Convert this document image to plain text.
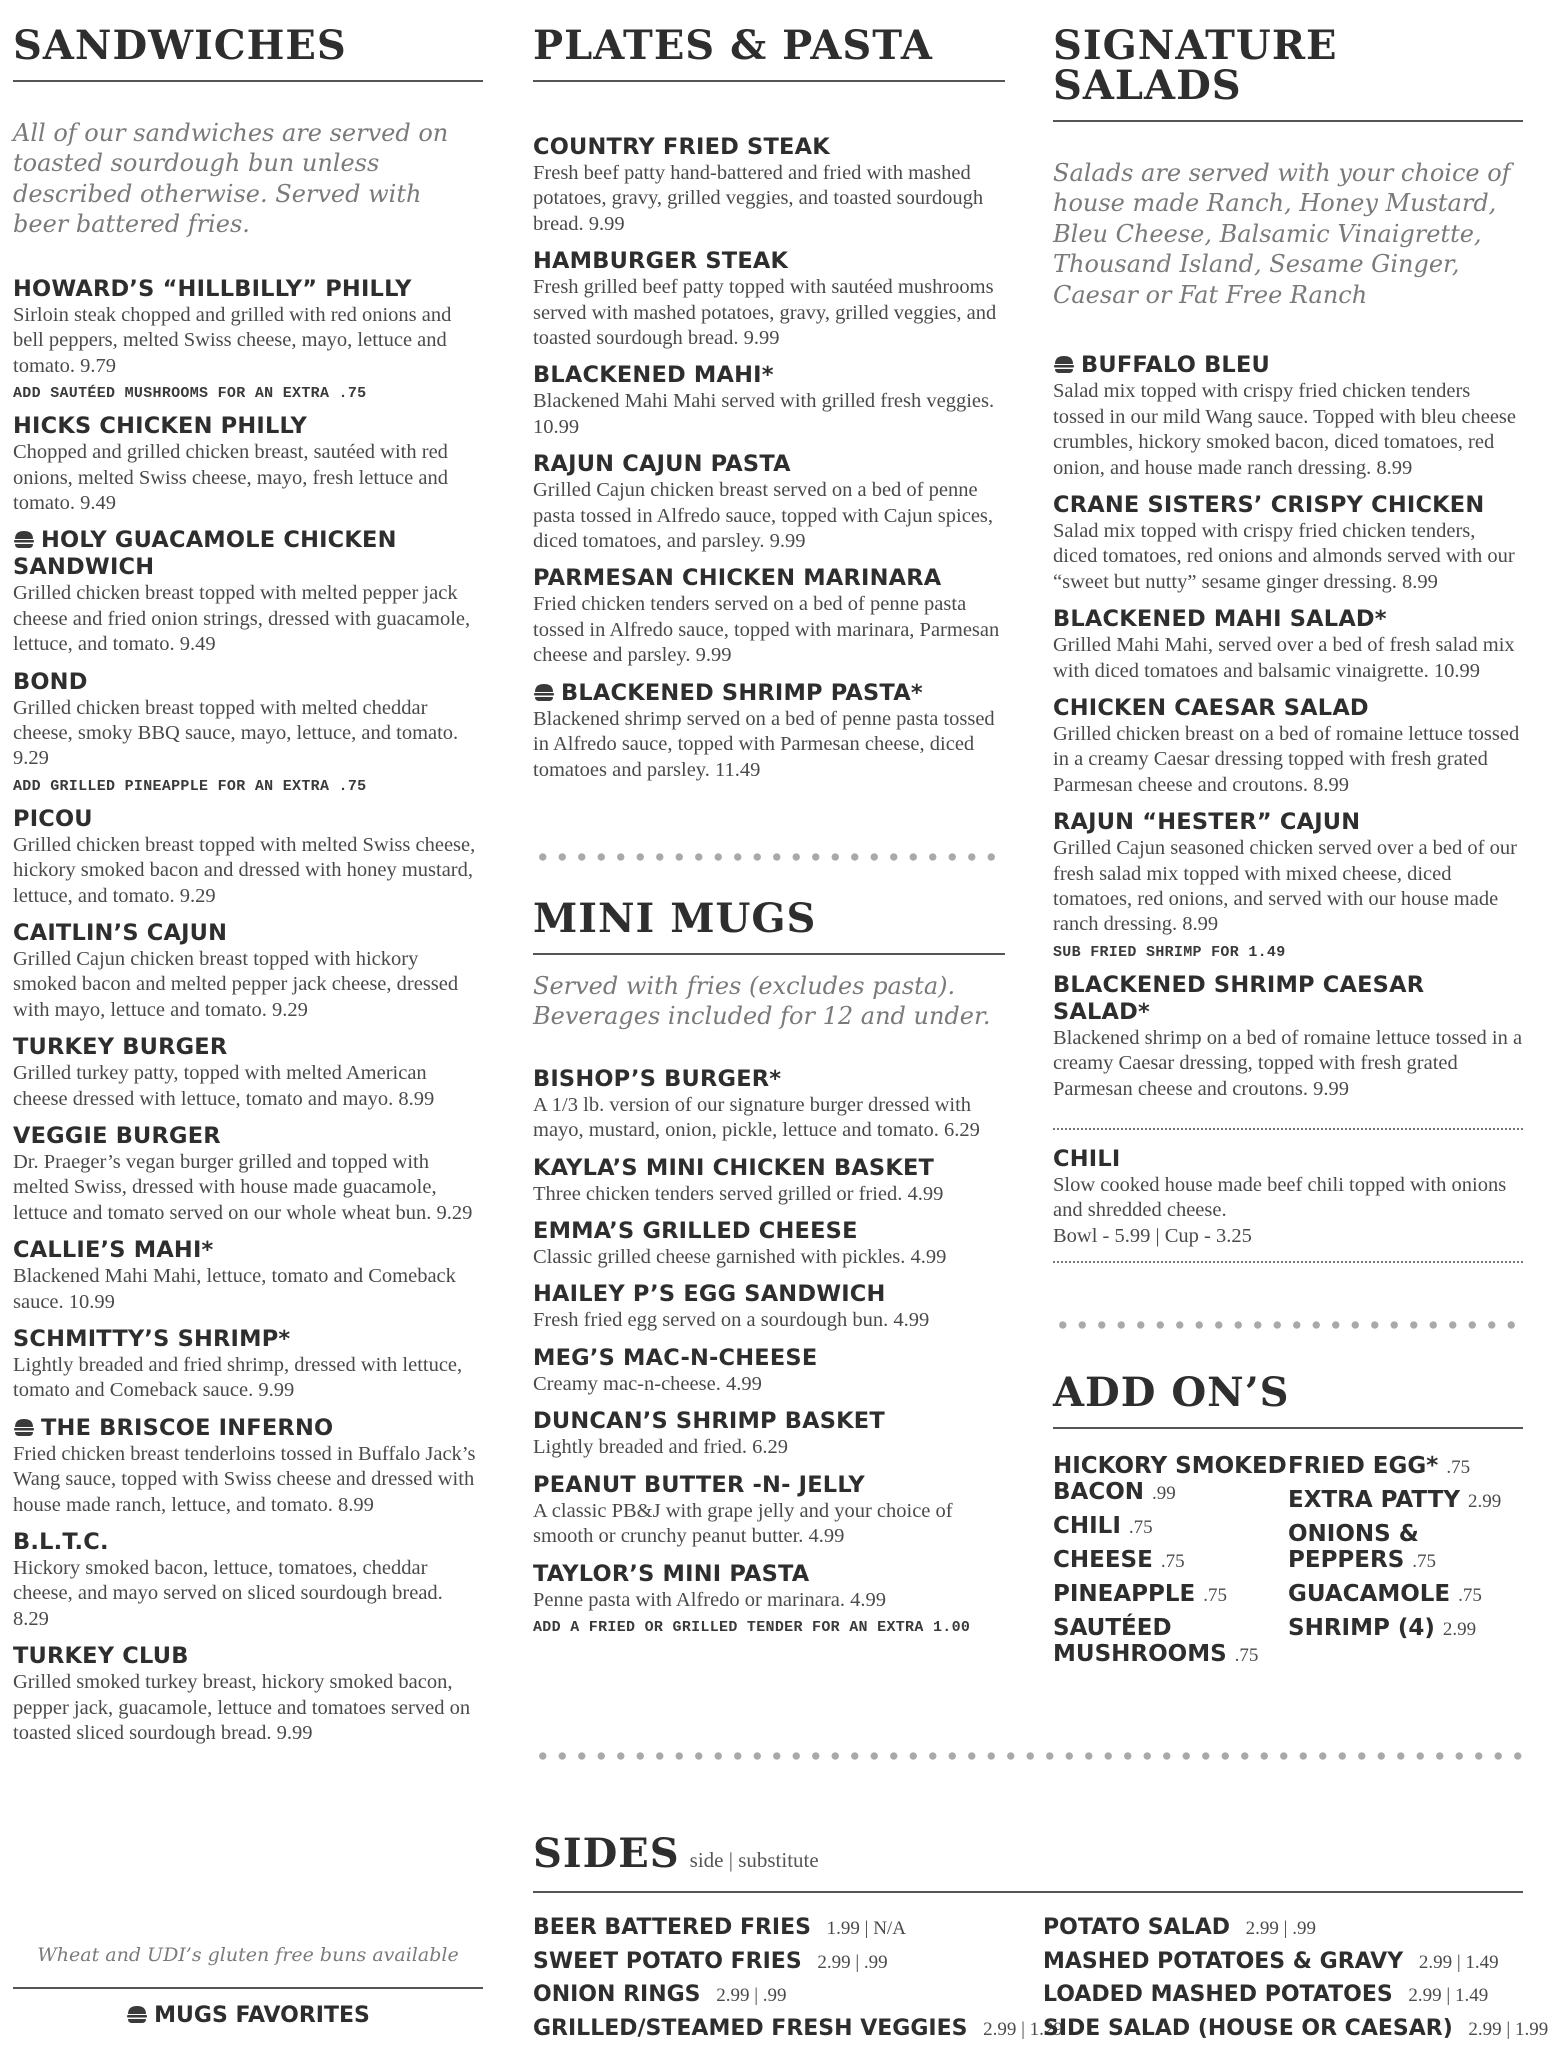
SANDWICHES
All of our sandwiches are served on toasted sourdough bun unless described otherwise. Served with beer battered fries.
HOWARD’S “HILLBILLY” PHILLY
Sirloin steak chopped and grilled with red onions and bell peppers, melted Swiss cheese, mayo, lettuce and tomato. 9.79
ADD SAUTÉED MUSHROOMS FOR AN EXTRA .75
HICKS CHICKEN PHILLY
Chopped and grilled chicken breast, sautéed with red onions, melted Swiss cheese, mayo, fresh lettuce and tomato. 9.49
HOLY GUACAMOLE CHICKEN SANDWICH
Grilled chicken breast topped with melted pepper jack cheese and fried onion strings, dressed with guacamole, lettuce, and tomato. 9.49
BOND
Grilled chicken breast topped with melted cheddar cheese, smoky BBQ sauce, mayo, lettuce, and tomato. 9.29
ADD GRILLED PINEAPPLE FOR AN EXTRA .75
PICOU
Grilled chicken breast topped with melted Swiss cheese, hickory smoked bacon and dressed with honey mustard, lettuce, and tomato. 9.29
CAITLIN’S CAJUN
Grilled Cajun chicken breast topped with hickory smoked bacon and melted pepper jack cheese, dressed with mayo, lettuce and tomato. 9.29
TURKEY BURGER
Grilled turkey patty, topped with melted American cheese dressed with lettuce, tomato and mayo. 8.99
VEGGIE BURGER
Dr. Praeger’s vegan burger grilled and topped with melted Swiss, dressed with house made guacamole, lettuce and tomato served on our whole wheat bun. 9.29
CALLIE’S MAHI*
Blackened Mahi Mahi, lettuce, tomato and Comeback sauce. 10.99
SCHMITTY’S SHRIMP*
Lightly breaded and fried shrimp, dressed with lettuce, tomato and Comeback sauce. 9.99
THE BRISCOE INFERNO
Fried chicken breast tenderloins tossed in Buffalo Jack’s Wang sauce, topped with Swiss cheese and dressed with house made ranch, lettuce, and tomato. 8.99
B.L.T.C.
Hickory smoked bacon, lettuce, tomatoes, cheddar cheese, and mayo served on sliced sourdough bread. 8.29
TURKEY CLUB
Grilled smoked turkey breast, hickory smoked bacon, pepper jack, guacamole, lettuce and tomatoes served on toasted sliced sourdough bread. 9.99
Wheat and UDI’s gluten free buns available
MUGS FAVORITES
PLATES & PASTA
COUNTRY FRIED STEAK
Fresh beef patty hand-battered and fried with mashed potatoes, gravy, grilled veggies, and toasted sourdough bread. 9.99
HAMBURGER STEAK
Fresh grilled beef patty topped with sautéed mushrooms served with mashed potatoes, gravy, grilled veggies, and toasted sourdough bread. 9.99
BLACKENED MAHI*
Blackened Mahi Mahi served with grilled fresh veggies. 10.99
RAJUN CAJUN PASTA
Grilled Cajun chicken breast served on a bed of penne pasta tossed in Alfredo sauce, topped with Cajun spices, diced tomatoes, and parsley. 9.99
PARMESAN CHICKEN MARINARA
Fried chicken tenders served on a bed of penne pasta tossed in Alfredo sauce, topped with marinara, Parmesan cheese and parsley. 9.99
BLACKENED SHRIMP PASTA*
Blackened shrimp served on a bed of penne pasta tossed in Alfredo sauce, topped with Parmesan cheese, diced tomatoes and parsley. 11.49
MINI MUGS
Served with fries (excludes pasta). Beverages included for 12 and under.
BISHOP’S BURGER*
A 1/3 lb. version of our signature burger dressed with mayo, mustard, onion, pickle, lettuce and tomato. 6.29
KAYLA’S MINI CHICKEN BASKET
Three chicken tenders served grilled or fried. 4.99
EMMA’S GRILLED CHEESE
Classic grilled cheese garnished with pickles. 4.99
HAILEY P’S EGG SANDWICH
Fresh fried egg served on a sourdough bun. 4.99
MEG’S MAC-N-CHEESE
Creamy mac-n-cheese. 4.99
DUNCAN’S SHRIMP BASKET
Lightly breaded and fried. 6.29
PEANUT BUTTER -N- JELLY
A classic PB&J with grape jelly and your choice of smooth or crunchy peanut butter. 4.99
TAYLOR’S MINI PASTA
Penne pasta with Alfredo or marinara. 4.99
ADD A FRIED OR GRILLED TENDER FOR AN EXTRA 1.00
SIGNATURE SALADS
Salads are served with your choice of house made Ranch, Honey Mustard, Bleu Cheese, Balsamic Vinaigrette, Thousand Island, Sesame Ginger, Caesar or Fat Free Ranch
BUFFALO BLEU
Salad mix topped with crispy fried chicken tenders tossed in our mild Wang sauce. Topped with bleu cheese crumbles, hickory smoked bacon, diced tomatoes, red onion, and house made ranch dressing. 8.99
CRANE SISTERS’ CRISPY CHICKEN
Salad mix topped with crispy fried chicken tenders, diced tomatoes, red onions and almonds served with our “sweet but nutty” sesame ginger dressing. 8.99
BLACKENED MAHI SALAD*
Grilled Mahi Mahi, served over a bed of fresh salad mix with diced tomatoes and balsamic vinaigrette. 10.99
CHICKEN CAESAR SALAD
Grilled chicken breast on a bed of romaine lettuce tossed in a creamy Caesar dressing topped with fresh grated Parmesan cheese and croutons. 8.99
RAJUN “HESTER” CAJUN
Grilled Cajun seasoned chicken served over a bed of our fresh salad mix topped with mixed cheese, diced tomatoes, red onions, and served with our house made ranch dressing. 8.99
SUB FRIED SHRIMP FOR 1.49
BLACKENED SHRIMP CAESAR SALAD*
Blackened shrimp on a bed of romaine lettuce tossed in a creamy Caesar dressing, topped with fresh grated Parmesan cheese and croutons. 9.99
CHILI
Slow cooked house made beef chili topped with onions and shredded cheese.
Bowl - 5.99 | Cup - 3.25
ADD ON’S
HICKORY SMOKED BACON .99
CHILI .75
CHEESE .75
PINEAPPLE .75
SAUTÉED MUSHROOMS .75
FRIED EGG* .75
EXTRA PATTY 2.99
ONIONS & PEPPERS .75
GUACAMOLE .75
SHRIMP (4) 2.99
SIDES side | substitute
BEER BATTERED FRIES 1.99 | N/A
SWEET POTATO FRIES 2.99 | .99
ONION RINGS 2.99 | .99
GRILLED/STEAMED FRESH VEGGIES 2.99 | 1.29
POTATO SALAD 2.99 | .99
MASHED POTATOES & GRAVY 2.99 | 1.49
LOADED MASHED POTATOES 2.99 | 1.49
SIDE SALAD (HOUSE OR CAESAR) 2.99 | 1.99
